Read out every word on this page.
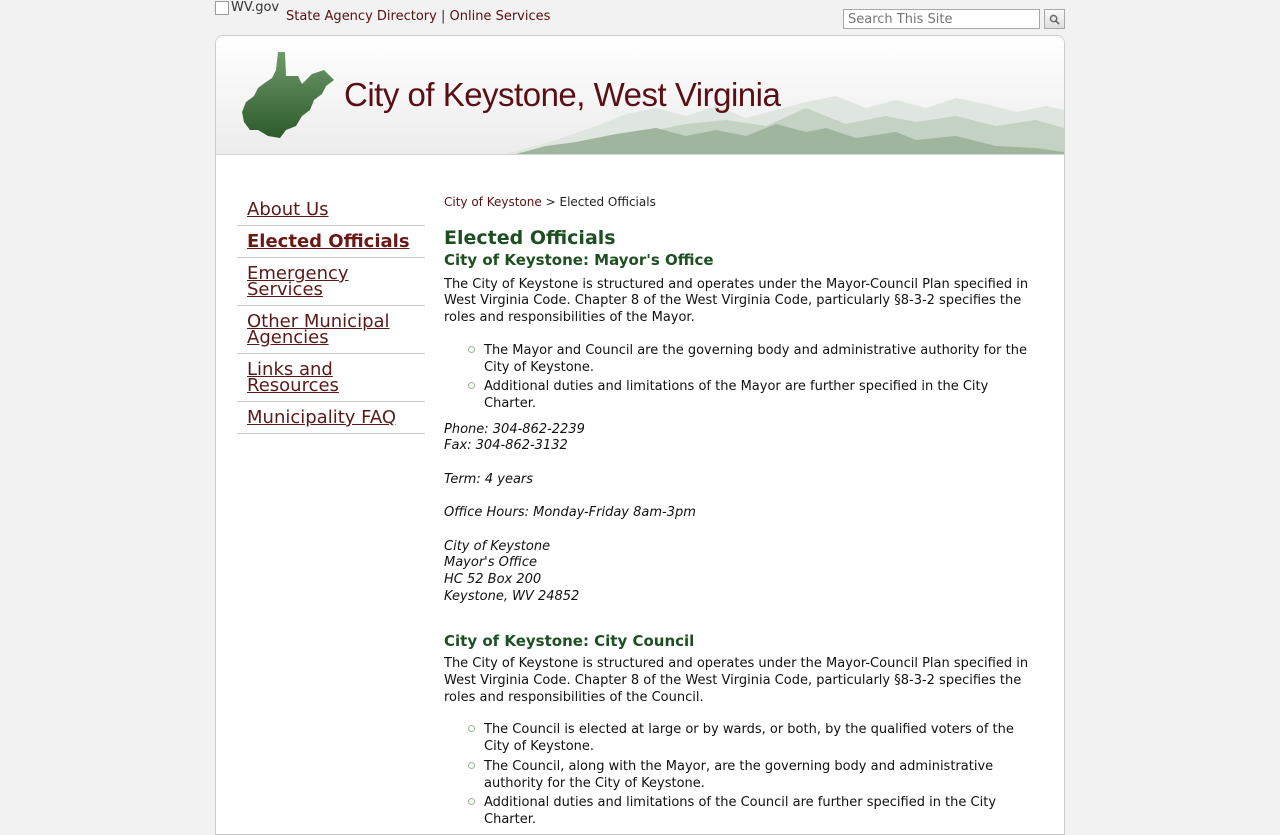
WV.gov
State Agency Directory | Online Services
Search This Site
City of Keystone, West Virginia
About Us
Elected Officials
Emergency Services
Other Municipal Agencies
Links and Resources
Municipality FAQ
City of Keystone > Elected Officials
Elected Officials
City of Keystone: Mayor's Office

The City of Keystone is structured and operates under the Mayor-Council Plan specified in West Virginia Code. Chapter 8 of the West Virginia Code, particularly §8-3-2 specifies the roles and responsibilities of the Mayor.

The Mayor and Council are the governing body and administrative authority for the City of Keystone.
Additional duties and limitations of the Mayor are further specified in the City Charter.

Phone: 304-862-2239

Fax: 304-862-3132

Term: 4 years

Office Hours: Monday-Friday 8am-3pm

City of Keystone

Mayor's Office

HC 52 Box 200

Keystone, WV 24852

City of Keystone: City Council

The City of Keystone is structured and operates under the Mayor-Council Plan specified in West Virginia Code. Chapter 8 of the West Virginia Code, particularly §8-3-2 specifies the roles and responsibilities of the Council.

The Council is elected at large or by wards, or both, by the qualified voters of the City of Keystone.
The Council, along with the Mayor, are the governing body and administrative authority for the City of Keystone.
Additional duties and limitations of the Council are further specified in the City Charter.
